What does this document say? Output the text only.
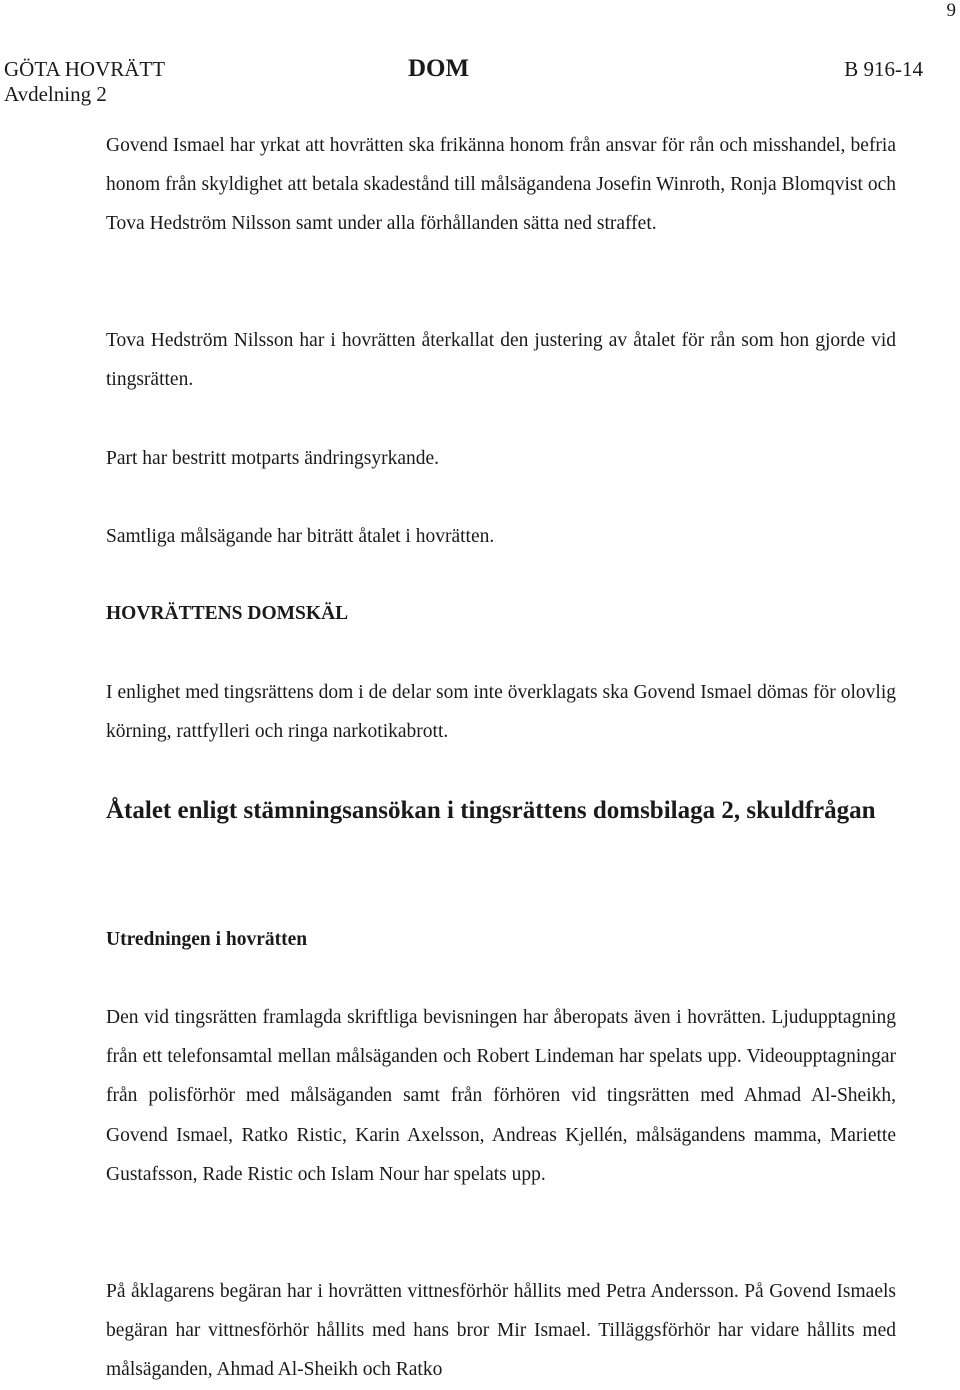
9
GÖTA HOVRÄTT
Avdelning 2
DOM	B 916-14
Govend Ismael har yrkat att hovrätten ska frikänna honom från ansvar för rån och misshandel, befria honom från skyldighet att betala skadestånd till målsägandena Josefin Winroth, Ronja Blomqvist och Tova Hedström Nilsson samt under alla förhållanden sätta ned straffet.
Tova Hedström Nilsson har i hovrätten återkallat den justering av åtalet för rån som hon gjorde vid tingsrätten.
Part har bestritt motparts ändringsyrkande.
Samtliga målsägande har biträtt åtalet i hovrätten.
HOVRÄTTENS DOMSKÄL
I enlighet med tingsrättens dom i de delar som inte överklagats ska Govend Ismael dömas för olovlig körning, rattfylleri och ringa narkotikabrott.
Åtalet enligt stämningsansökan i tingsrättens domsbilaga 2, skuldfrågan
Utredningen i hovrätten
Den vid tingsrätten framlagda skriftliga bevisningen har åberopats även i hovrätten. Ljudupptagning från ett telefonsamtal mellan målsäganden och Robert Lindeman har spelats upp. Videoupptagningar från polisförhör med målsäganden samt från förhören vid tingsrätten med Ahmad Al-Sheikh, Govend Ismael, Ratko Ristic, Karin Axelsson, Andreas Kjellén, målsägandens mamma, Mariette Gustafsson, Rade Ristic och Islam Nour har spelats upp.
På åklagarens begäran har i hovrätten vittnesförhör hållits med Petra Andersson. På Govend Ismaels begäran har vittnesförhör hållits med hans bror Mir Ismael. Tilläggsförhör har vidare hållits med målsäganden, Ahmad Al-Sheikh och Ratko
